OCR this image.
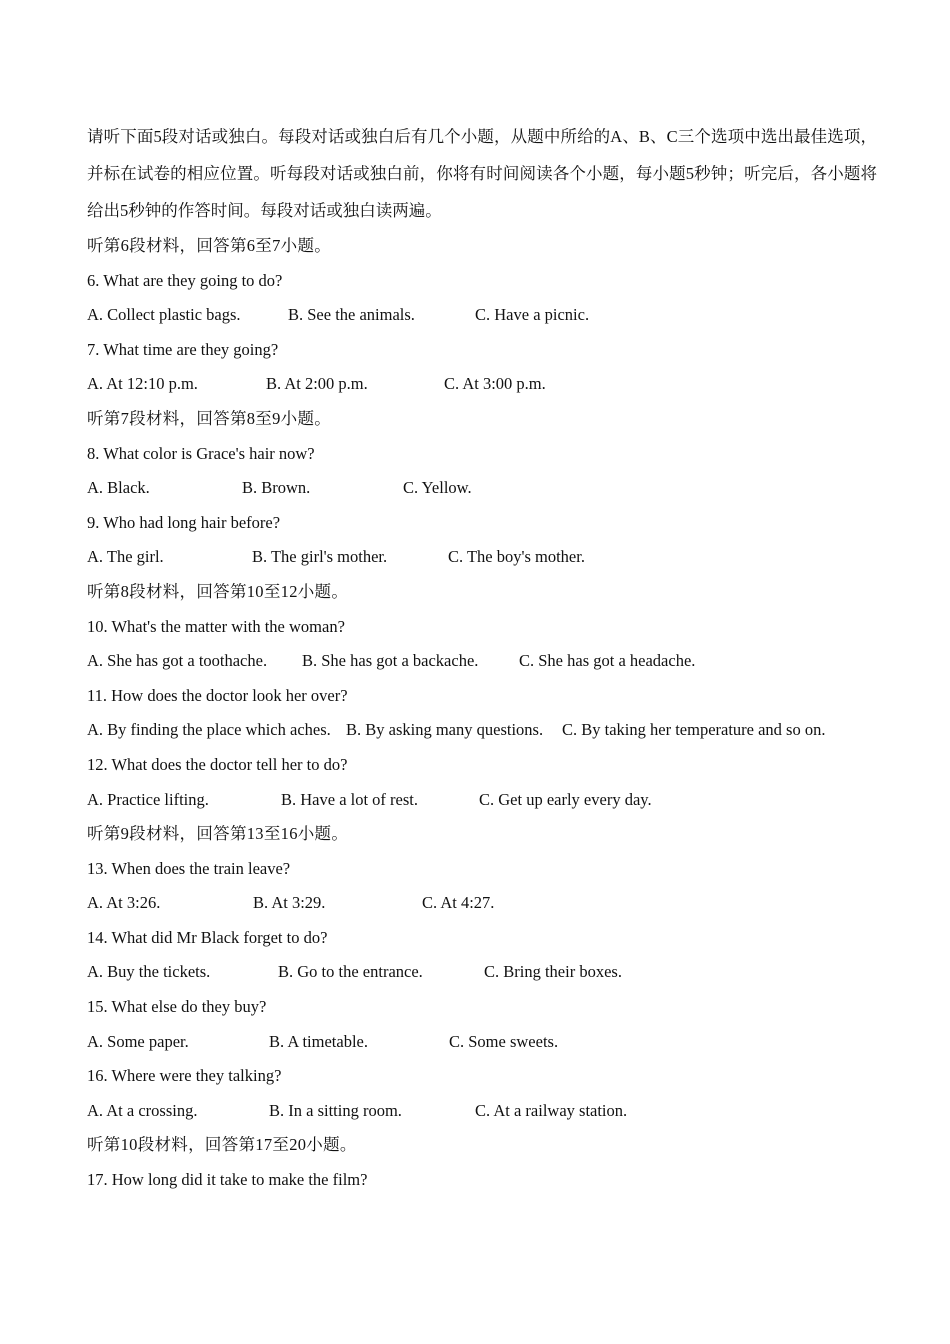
请听下面5段对话或独白。每段对话或独白后有几个小题，从题中所给的A、B、C三个选项中选出最佳选项，并标在试卷的相应位置。听每段对话或独白前，你将有时间阅读各个小题，每小题5秒钟；听完后，各小题将给出5秒钟的作答时间。每段对话或独白读两遍。

听第6段材料，回答第6至7小题。

6. What are they going to do?

A. Collect plastic bags.	B. See the animals.	C. Have a picnic.

7. What time are they going?

A. At 12:10 p.m.	B. At 2:00 p.m.	C. At 3:00 p.m.

听第7段材料，回答第8至9小题。

8. What color is Grace's hair now?

A. Black.	B. Brown.	C. Yellow.

9. Who had long hair before?

A. The girl.	B. The girl's mother.	C. The boy's mother.

听第8段材料，回答第10至12小题。

10. What's the matter with the woman?

A. She has got a toothache. B. She has got a backache. C. She has got a headache.

11. How does the doctor look her over?

A. By finding the place which aches. B. By asking many questions. C. By taking her temperature and so on.

12. What does the doctor tell her to do?

A. Practice lifting.	B. Have a lot of rest.	C. Get up early every day.

听第9段材料，回答第13至16小题。

13. When does the train leave?

A. At 3:26.	B. At 3:29.	C. At 4:27.

14. What did Mr Black forget to do?

A. Buy the tickets.	B. Go to the entrance.	C. Bring their boxes.

15. What else do they buy?

A. Some paper.	B. A timetable.	C. Some sweets.

16. Where were they talking?

A. At a crossing.	B. In a sitting room.	C. At a railway station.

听第10段材料，回答第17至20小题。

17. How long did it take to make the film?
